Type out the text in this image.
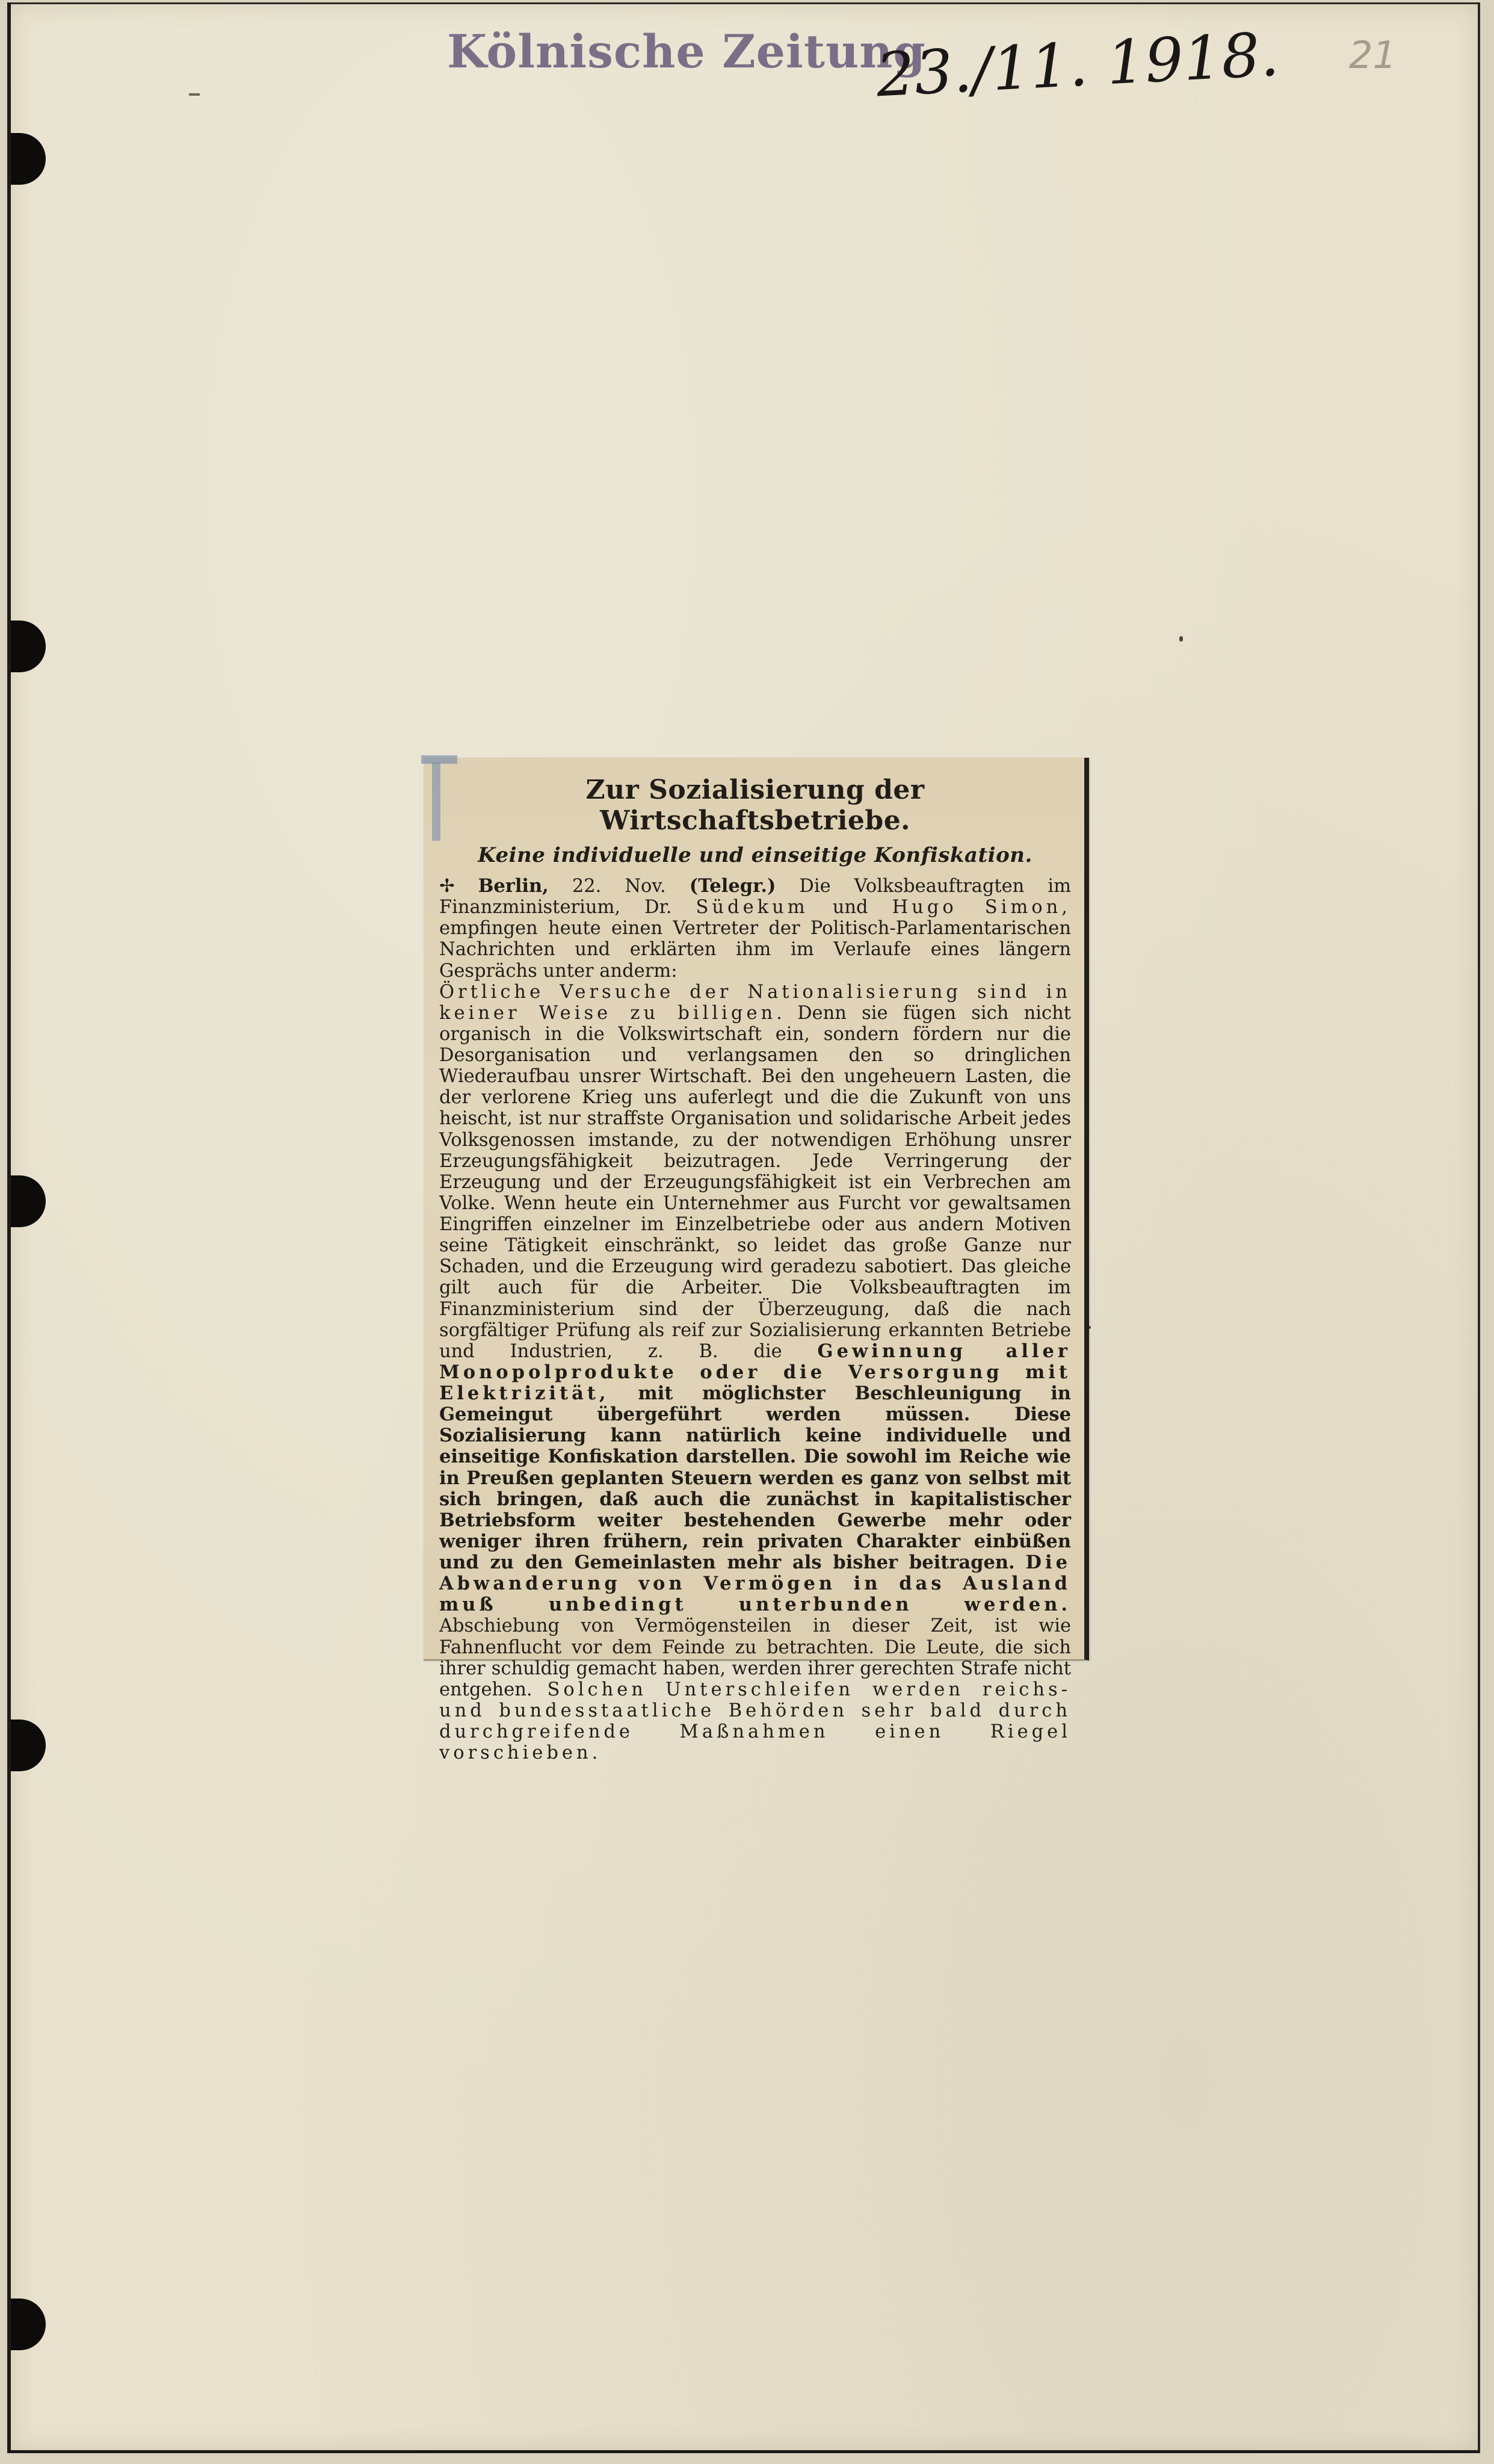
Kölnische Zeitung
23./11. 1918. 21
Zur Sozialisierung der Wirtschaftsbetriebe.
Keine individuelle und einseitige Konfiskation.

✢ Berlin, 22. Nov. (Telegr.) Die Volksbeauftragten im Finanzministerium, Dr. Südekum und Hugo Simon, empfingen heute einen Vertreter der Politisch-Parlamentarischen Nachrichten und erklärten ihm im Verlaufe eines längern Gesprächs unter anderm:

Örtliche Versuche der Nationalisierung sind in keiner Weise zu billigen. Denn sie fügen sich nicht organisch in die Volkswirtschaft ein, sondern fördern nur die Desorganisation und verlangsamen den so dringlichen Wiederaufbau unsrer Wirtschaft. Bei den ungeheuern Lasten, die der verlorene Krieg uns auferlegt und die die Zukunft von uns heischt, ist nur straffste Organisation und solidarische Arbeit jedes Volksgenossen imstande, zu der notwendigen Erhöhung unsrer Erzeugungsfähigkeit beizutragen. Jede Verringerung der Erzeugung und der Erzeugungsfähigkeit ist ein Verbrechen am Volke. Wenn heute ein Unternehmer aus Furcht vor gewaltsamen Eingriffen einzelner im Einzelbetriebe oder aus andern Motiven seine Tätigkeit einschränkt, so leidet das große Ganze nur Schaden, und die Erzeugung wird geradezu sabotiert. Das gleiche gilt auch für die Arbeiter. Die Volksbeauftragten im Finanzministerium sind der Überzeugung, daß die nach sorgfältiger Prüfung als reif zur Sozialisierung erkannten Betriebe und Industrien, z. B. die Gewinnung aller Monopolprodukte oder die Versorgung mit Elektrizität, mit möglichster Beschleunigung in Gemeingut übergeführt werden müssen. Diese Sozialisierung kann natürlich keine individuelle und einseitige Konfiskation darstellen. Die sowohl im Reiche wie in Preußen geplanten Steuern werden es ganz von selbst mit sich bringen, daß auch die zunächst in kapitalistischer Betriebsform weiter bestehenden Gewerbe mehr oder weniger ihren frühern, rein privaten Charakter einbüßen und zu den Gemeinlasten mehr als bisher beitragen. Die Abwanderung von Vermögen in das Ausland muß unbedingt unterbunden werden. Abschiebung von Vermögensteilen in dieser Zeit, ist wie Fahnenflucht vor dem Feinde zu betrachten. Die Leute, die sich ihrer schuldig gemacht haben, werden ihrer gerechten Strafe nicht entgehen. Solchen Unterschleifen werden reichs- und bundesstaatliche Behörden sehr bald durch durchgreifende Maßnahmen einen Riegel vorschieben.
